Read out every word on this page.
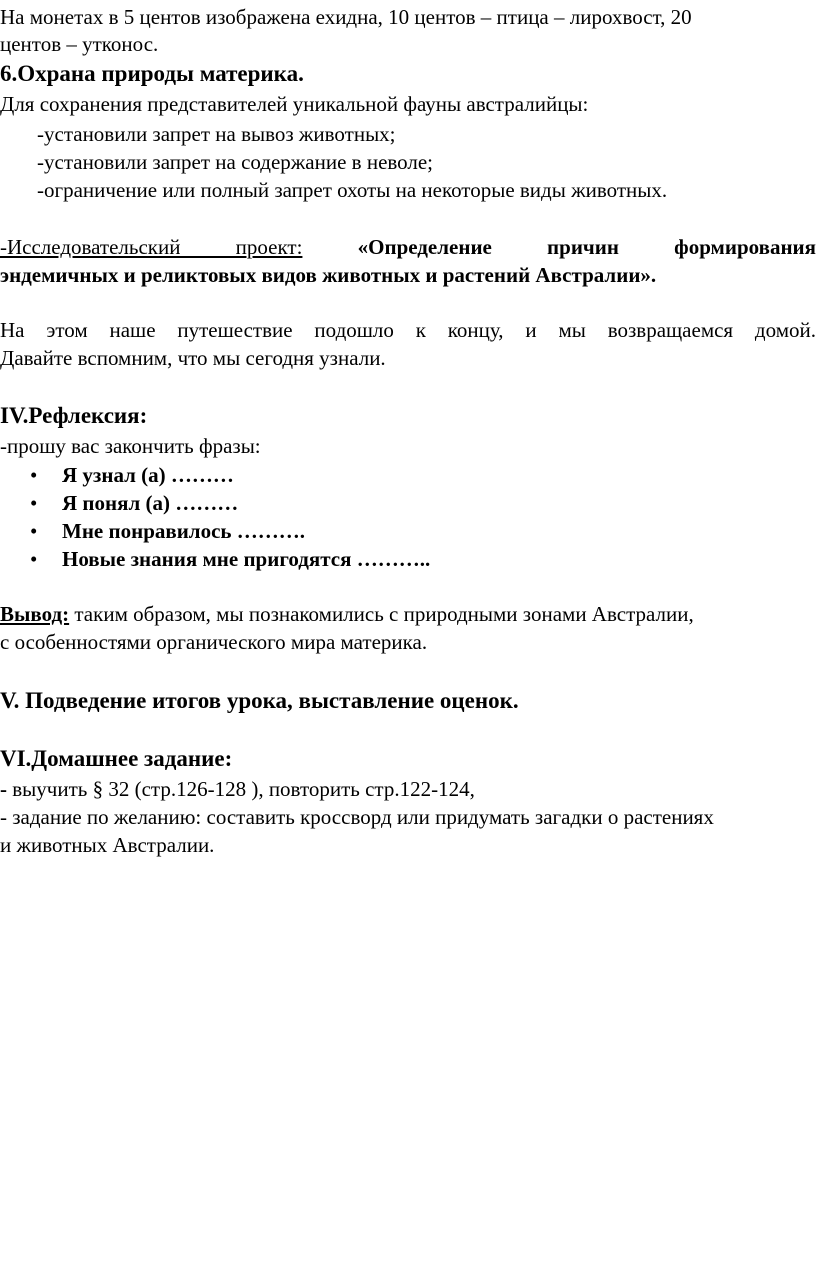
На монетах в 5 центов изображена ехидна, 10 центов – птица – лирохвост, 20
центов – утконос.
6.Охрана природы материка.
Для сохранения представителей уникальной фауны австралийцы:
-установили запрет на вывоз животных;
-установили запрет на содержание в неволе;
-ограничение или полный запрет охоты на некоторые виды животных.
-Исследовательский проект:	«Определение причин формирования
эндемичных и реликтовых видов животных и растений Австралии».
На этом наше путешествие подошло к концу, и мы возвращаемся домой.
Давайте вспомним, что мы сегодня узнали.
IV.Рефлексия:
-прошу вас закончить фразы:
• Я узнал (а) ………
• Я понял (а) ………
• Мне понравилось ……….
• Новые знания мне пригодятся ………..
Вывод: таким образом, мы познакомились с природными зонами Австралии,
с особенностями органического мира материка.
V. Подведение итогов урока, выставление оценок.
VI.Домашнее задание:
- выучить § 32 (стр.126-128 ), повторить стр.122-124,
- задание по желанию: составить кроссворд или придумать загадки о растениях
и животных Австралии.
